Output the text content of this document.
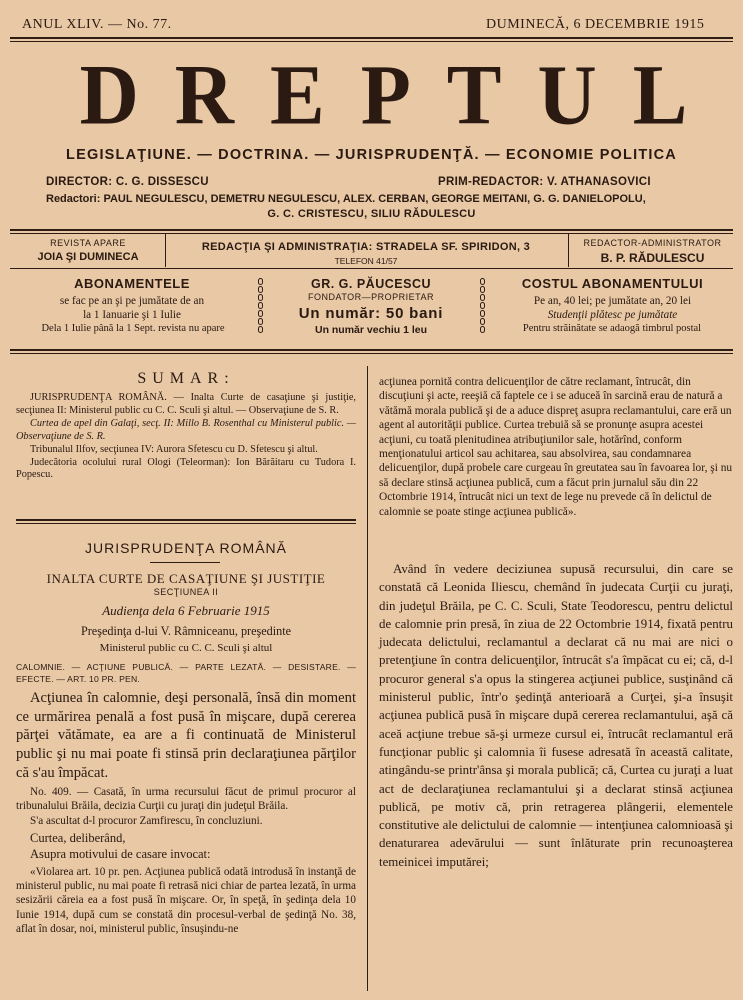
ANUL XLIV. — No. 77.	DUMINECĂ, 6 DECEMBRIE 1915
DREPTUL
LEGISLAŢIUNE. — DOCTRINA. — JURISPRUDENŢĂ. — ECONOMIE POLITICA
DIRECTOR: C. G. DISSESCU	PRIM-REDACTOR: V. ATHANASOVICI
Redactori: PAUL NEGULESCU, DEMETRU NEGULESCU, ALEX. CERBAN, GEORGE MEITANI, G. G. DANIELOPOLU,
G. C. CRISTESCU, SILIU RĂDULESCU
REVISTA APARE
JOIA ŞI DUMINECA
REDACŢIA ŞI ADMINISTRAŢIA: STRADELA SF. SPIRIDON, 3
TELEFON 41/57
REDACTOR-ADMINISTRATOR
B. P. RĂDULESCU
ABONAMENTELE
se fac pe an şi pe jumătate de an
la 1 Ianuarie şi 1 Iulie
Dela 1 Iulie până la 1 Sept. revista nu apare
GR. G. PĂUCESCU
FONDATOR—PROPRIETAR
Un număr: 50 bani
Un număr vechiu 1 leu
COSTUL ABONAMENTULUI
Pe an, 40 lei; pe jumătate an, 20 lei
Studenţii plătesc pe jumătate
Pentru străinătate se adaogă timbrul postal
SUMAR:

JURISPRUDENŢA ROMÂNĂ. — Inalta Curte de casaţiune şi justiţie, secţiunea II: Ministerul public cu C. C. Sculi şi altul. — Observaţiune de S. R.

Curtea de apel din Galaţi, secţ. II: Millo B. Rosenthal cu Ministerul public. — Observaţiune de S. R.

Tribunalul Ilfov, secţiunea IV: Aurora Sfetescu cu D. Sfetescu şi altul.

Judecătoria ocolului rural Ologi (Teleorman): Ion Bărăitaru cu Tudora I. Popescu.

JURISPRUDENŢA ROMÂNĂ
INALTA CURTE DE CASAŢIUNE ŞI JUSTIŢIE
SECŢIUNEA II
Audienţa dela 6 Februarie 1915
Preşedinţa d-lui V. Râmniceanu, preşedinte
Ministerul public cu C. C. Sculi şi altul
CALOMNIE. — ACŢIUNE PUBLICĂ. — PARTE LEZATĂ. — DESISTARE. — EFECTE. — ART. 10 PR. PEN.
Acţiunea în calomnie, deşi personală, însă din moment ce urmărirea penală a fost pusă în mişcare, după cererea părţei vătămate, ea are a fi continuată de Ministerul public şi nu mai poate fi stinsă prin declaraţiunea părţilor că s'au împăcat.

No. 409. — Casată, în urma recursului făcut de primul procuror al tribunalului Brăila, decizia Curţii cu juraţi din judeţul Brăila.

S'a ascultat d-l procuror Zamfirescu, în concluziuni.

Curtea, deliberând,

Asupra motivului de casare invocat:

«Violarea art. 10 pr. pen. Acţiunea publică odată introdusă în instanţă de ministerul public, nu mai poate fi retrasă nici chiar de partea lezată, în urma sesizării căreia ea a fost pusă în mişcare. Or, în speţă, în şedinţa dela 10 Iunie 1914, după cum se constată din procesul-verbal de şedinţă No. 38, aflat în dosar, noi, ministerul public, însuşindu-ne

acţiunea pornită contra delicuenţilor de către reclamant, întrucât, din discuţiuni şi acte, reeşiă că faptele ce i se aduceă în sarcină erau de natură a vătămă morala publică şi de a aduce dispreţ asupra reclamantului, care eră un agent al autorităţii publice. Curtea trebuiă să se pronunţe asupra acestei acţiuni, cu toată plenitudinea atribuţiunilor sale, hotărînd, conform menţionatului articol sau achitarea, sau absolvirea, sau condamnarea delicuenţilor, după probele care curgeau în greutatea sau în favoarea lor, şi nu să declare stinsă acţiunea publică, cum a făcut prin jurnalul său din 22 Octombrie 1914, întrucât nici un text de lege nu prevede că în delictul de calomnie se poate stinge acţiunea publică».
Având în vedere deciziunea supusă recursului, din care se constată că Leonida Iliescu, chemând în judecata Curţii cu juraţi, din judeţul Brăila, pe C. C. Sculi, State Teodorescu, pentru delictul de calomnie prin presă, în ziua de 22 Octombrie 1914, fixată pentru judecata delictului, reclamantul a declarat că nu mai are nici o pretenţiune în contra delicuenţilor, întrucât s'a împăcat cu ei; că, d-l procuror general s'a opus la stingerea acţiunei publice, susţinând că ministerul public, într'o şedinţă anterioară a Curţei, şi-a însuşit acţiunea publică pusă în mişcare după cererea reclamantului, aşă că aceă acţiune trebue să-şi urmeze cursul ei, întrucât reclamantul eră funcţionar public şi calomnia îi fusese adresată în această calitate, atingându-se printr'ânsa şi morala publică; că, Curtea cu juraţi a luat act de declaraţiunea reclamantului şi a declarat stinsă acţiunea publică, pe motiv că, prin retragerea plângerii, elementele constitutive ale delictului de calomnie — intenţiunea calomnioasă şi denaturarea adevărului — sunt înlăturate prin recunoaşterea temeinicei imputărei;
